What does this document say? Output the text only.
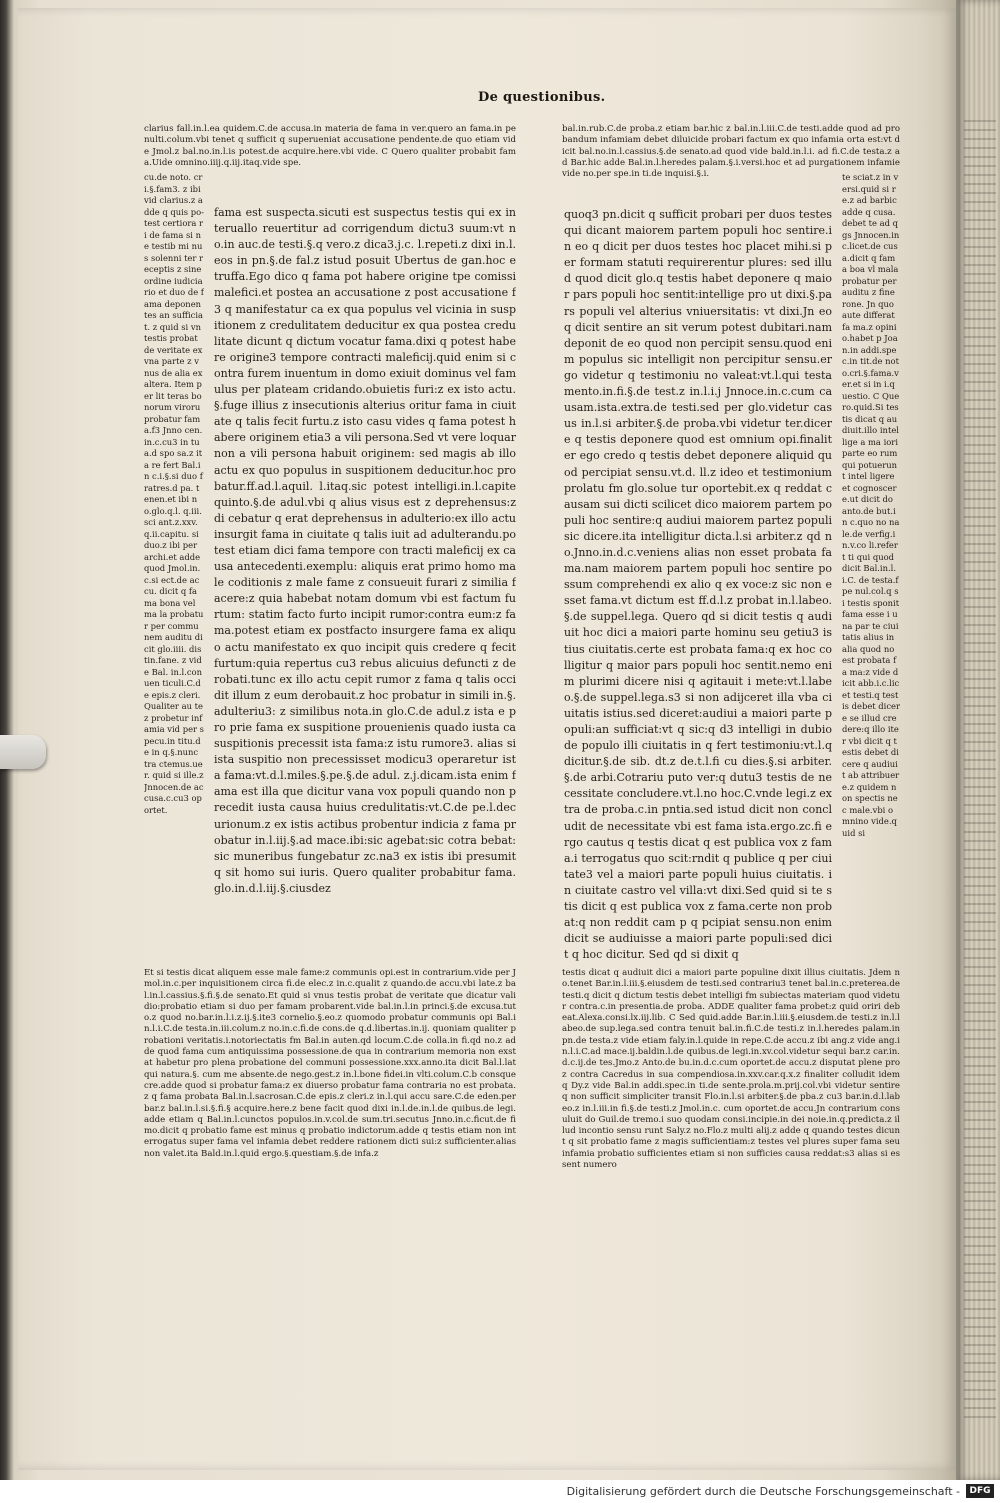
De questionibus.
clarius fall.in.l.ea quidem.C.de accusa.in materia de fama in ver.quero an fama.in penulti.colum.vbi tenet q sufficit q superueniat accusatione pendente.de quo etiam vide Jmol.z bal.no.in.l.is potest.de acquire.here.vbi vide. C Quero qualiter probabit fama.Uide omnino.iiij.q.iij.itaq.vide spe.
cu.de noto. cri.§.fam3. z ibi vid clarius.z adde q quis po- test certiora ri de fama si ne testib mi nus solenni ter receptis z sine ordine iudiciario et duo de fama deponentes an sufficiat. z quid si vn testis probat de veritate ex vna parte z vnus de alia ex altera. Item per lit teras bonorum viroru probatur fama.f3 Jnno cen.in.c.cu3 in tua.d spo sa.z ita re fert Bal.in c.i.§.si duo fratres.d pa. tenen.et ibi no.glo.q.l. q.iii.sci ant.z.xxv. q.ii.capitu. si duo.z ibi per archi.et adde quod Jmol.in.c.si ect.de accu. dicit q fama bona vel ma la probatur per commu nem auditu dicit glo.iiii. distin.fane. z vide Bal. in.l.conuen ticuli.C.de epis.z cleri. Qualiter au tez probetur infamia vid per specu.in titu.de in q.§.nunc tra ctemus.uer. quid si ille.z Jnnocen.de accusa.c.cu3 oportet.
fama est suspecta.sicuti est suspectus testis qui ex interuallo reuertitur ad corrigendum dictu3 suum:vt no.in auc.de testi.§.q vero.z dica3.j.c. l.repeti.z dixi in.l.eos in pn.§.de fal.z istud posuit Ubertus de gan.hoc e truffa.Ego dico q fama pot habere origine tpe comissi malefici.et postea an accusatione z post accusatione f3 q manifestatur ca ex qua populus vel vicinia in suspitionem z credulitatem deducitur ex qua postea credulitate dicunt q dictum vocatur fama.dixi q potest habere origine3 tempore contracti maleficij.quid enim si contra furem inuentum in domo exiuit dominus vel famulus per plateam cridando.obuietis furi:z ex isto actu.§.fuge illius z insecutionis alterius oritur fama in ciuitate q talis fecit furtu.z isto casu vides q fama potest habere originem etia3 a vili persona.Sed vt vere loquar non a vili persona habuit originem: sed magis ab illo actu ex quo populus in suspitionem deducitur.hoc probatur.ff.ad.l.aquil. l.itaq.sic potest intelligi.in.l.capite quinto.§.de adul.vbi q alius visus est z deprehensus:z di cebatur q erat deprehensus in adulterio:ex illo actu insurgit fama in ciuitate q talis iuit ad adulterandu.potest etiam dici fama tempore con tracti maleficij ex causa antecedenti.exemplu: aliquis erat primo homo male coditionis z male fame z consueuit furari z similia facere:z quia habebat notam domum vbi est factum furtum: statim facto furto incipit rumor:contra eum:z fama.potest etiam ex postfacto insurgere fama ex aliquo actu manifestato ex quo incipit quis credere q fecit furtum:quia repertus cu3 rebus alicuius defuncti z derobati.tunc ex illo actu cepit rumor z fama q talis occidit illum z eum derobauit.z hoc probatur in simili in.§.adulteriu3: z similibus nota.in glo.C.de adul.z ista e pro prie fama ex suspitione prouenienis quado iusta ca suspitionis precessit ista fama:z istu rumore3. alias si ista suspitio non precessisset modicu3 operaretur ista fama:vt.d.l.miles.§.pe.§.de adul. z.j.dicam.ista enim fama est illa que dicitur vana vox populi quando non precedit iusta causa huius credulitatis:vt.C.de pe.l.decurionum.z ex istis actibus probentur indicia z fama probatur in.l.iij.§.ad mace.ibi:sic agebat:sic cotra bebat:sic muneribus fungebatur zc.na3 ex istis ibi presumit q sit homo sui iuris. Quero qualiter probabitur fama. glo.in.d.l.iij.§.ciusdez
Et si testis dicat aliquem esse male fame:z communis opi.est in contrarium.vide per Jmol.in.c.per inquisitionem circa fi.de elec.z in.c.qualit z quando.de accu.vbi late.z bal.in.l.cassius.§.fi.§.de senato.Et quid si vnus testis probat de veritate que dicatur validio:probatio etiam si duo per famam probarent.vide bal.in.l.in princi.§.de excusa.tuto.z quod no.bar.in.l.i.z.ij.§.ite3 cornelio.§.eo.z quomodo probatur communis opi Bal.in.l.i.C.de testa.in.iii.colum.z no.in.c.fi.de cons.de q.d.libertas.in.ij. quoniam qualiter probationi veritatis.i.notoriectatis fm Bal.in auten.qd locum.C.de colla.in fi.qd no.z adde quod fama cum antiquissima possessione.de qua in contrarium memoria non exstat habetur pro plena probatione del communi possessione.xxx.anno.ita dicit Bal.l.lat qui natura.§. cum me absente.de nego.gest.z in.l.bone fidei.in vlti.colum.C.b consque cre.adde quod si probatur fama:z ex diuerso probatur fama contraria no est probata.z q fama probata Bal.in.l.sacrosan.C.de epis.z cleri.z in.l.qui accu sare.C.de eden.per bar.z bal.in.l.si.§.fi.§ acquire.here.z bene facit quod dixi in.l.de.in.l.de quibus.de legi.adde etiam q Bal.in.l.cunctos populos.in.v.col.de sum.tri.secutus Jnno.in.c.ficut.de fimo.dicit q probatio fame est minus q probatio indictorum.adde q testis etiam non interrogatus super fama vel infamia debet reddere rationem dicti sui:z sufficienter.alias non valet.ita Bald.in.l.quid ergo.§.questiam.§.de infa.z
bal.in.rub.C.de proba.z etiam bar.hic z bal.in.l.iii.C.de testi.adde quod ad probandum infamiam debet diluicide probari factum ex quo infamia orta est:vt dicit bal.no.in.l.cassius.§.de senato.ad quod vide bald.in.l.i. ad fi.C.de testa.z ad Bar.hic adde Bal.in.l.heredes palam.§.i.versi.hoc et ad purgationem infamie vide no.per spe.in ti.de inquisi.§.i.
quoq3 pn.dicit q sufficit probari per duos testes qui dicant maiorem partem populi hoc sentire.in eo q dicit per duos testes hoc placet mihi.si per formam statuti requirerentur plures: sed illud quod dicit glo.q testis habet deponere q maior pars populi hoc sentit:intellige pro ut dixi.§.pars populi vel alterius vniuersitatis: vt dixi.Jn eo q dicit sentire an sit verum potest dubitari.nam deponit de eo quod non percipit sensu.quod enim populus sic intelligit non percipitur sensu.ergo videtur q testimoniu no valeat:vt.l.qui testamento.in.fi.§.de test.z in.l.i.j Jnnoce.in.c.cum causam.ista.extra.de testi.sed per glo.videtur casus in.l.si arbiter.§.de proba.vbi videtur ter.dicere q testis deponere quod est omnium opi.finaliter ego credo q testis debet deponere aliquid quod percipiat sensu.vt.d. ll.z ideo et testimonium prolatu fm glo.solue tur oportebit.ex q reddat causam sui dicti scilicet dico maiorem partem populi hoc sentire:q audiui maiorem partez populi sic dicere.ita intelligitur dicta.l.si arbiter.z qd no.Jnno.in.d.c.veniens alias non esset probata fama.nam maiorem partem populi hoc sentire possum comprehendi ex alio q ex voce:z sic non esset fama.vt dictum est ff.d.l.z probat in.l.labeo.§.de suppel.lega. Quero qd si dicit testis q audiuit hoc dici a maiori parte hominu seu getiu3 istius ciuitatis.certe est probata fama:q ex hoc colligitur q maior pars populi hoc sentit.nemo enim plurimi dicere nisi q agitauit i mete:vt.l.labeo.§.de suppel.lega.s3 si non adijceret illa vba ciuitatis istius.sed diceret:audiui a maiori parte populi:an sufficiat:vt q sic:q d3 intelligi in dubio de populo illi ciuitatis in q fert testimoniu:vt.l.q dicitur.§.de sib. dt.z de.t.l.fi cu dies.§.si arbiter.§.de arbi.Cotrariu puto ver:q dutu3 testis de necessitate concludere.vt.l.no hoc.C.vnde legi.z extra de proba.c.in pntia.sed istud dicit non concludit de necessitate vbi est fama ista.ergo.zc.fi ergo cautus q testis dicat q est publica vox z fama.i terrogatus quo scit:rndit q publice q per ciuitate3 vel a maiori parte populi huius ciuitatis. in ciuitate castro vel villa:vt dixi.Sed quid si te stis dicit q est publica vox z fama.certe non probat:q non reddit cam p q pcipiat sensu.non enim dicit se audiuisse a maiori parte populi:sed dicit q hoc dicitur. Sed qd si dixit q
te sciat.z in versi.quid si re.z ad barbic adde q cusa.debet te ad q gs Jnnocen.in c.licet.de cusa.dicit q fama boa vl mala probatur per auditu z fine rone. Jn quo aute differat fa ma.z opinio.habet p Joan.in addi.spec.in tit.de noto.cri.§.fama.ver.et si in i.questio. C Quero.quid.Si testis dicat q audiuit.illo intellige a ma iori parte eo rum qui potuerunt intel ligere et cognoscere.ut dicit do anto.de but.in c.quo no nale.de verfig.in.v.co li.refert ti qui quod dicit Bal.in.l.i.C. de testa.f pe nul.col.q si testis sponit fama esse i una par te ciuitatis alius in alia quod no est probata fa ma:z vide dicit abb.i.c.licet testi.q testis debet dicere se illud cre dere:q illo iter vbi dicit q testis debet dicere q audiuit ab attribuere.z quidem non spectis nec male.vbi omnino vide.quid si
testis dicat q audiuit dici a maiori parte populine dixit illius ciuitatis. Jdem no.tenet Bar.in.l.iii.§.eiusdem de testi.sed contrariu3 tenet bal.in.c.preterea.de testi.q dicit q dictum testis debet intelligi fm subiectas materiam quod videtur contra.c.in presentia.de proba. ADDE qualiter fama probet:z quid oriri debeat.Alexa.consi.lx.iij.lib. C Sed quid.adde Bar.in.l.iii.§.eiusdem.de testi.z in.l.labeo.de sup.lega.sed contra tenuit bal.in.fi.C.de testi.z in.l.heredes palam.in pn.de testa.z vide etiam faly.in.l.quide in repe.C.de accu.z ibi ang.z vide ang.in.l.i.C.ad mace.ij.baldin.l.de quibus.de legi.in.xv.col.videtur sequi bar.z car.in.d.c.ij.de tes.Jmo.z Anto.de bu.in.d.c.cum oportet.de accu.z disputat plene pro z contra Cacredus in sua compendiosa.in.xxv.car.q.x.z finaliter colludit idem q Dy.z vide Bal.in addi.spec.in ti.de sente.prola.m.prij.col.vbi videtur sentire q non sufficit simpliciter transit Flo.in.l.si arbiter.§.de pba.z cu3 bar.in.d.l.labeo.z in.l.iii.in fi.§.de testi.z Jmol.in.c. cum oportet.de accu.Jn contrarium consuluit do Guil.de tremo.i suo quodam consi.incipie.in dei noie.in.q.predicta.z illud incontio sensu runt Saly.z no.Flo.z multi alij.z adde q quando testes dicunt q sit probatio fame z magis sufficientiam:z testes vel plures super fama seu infamia probatio sufficientes etiam si non sufficies causa reddat:s3 alias si essent numero
Digitalisierung gefördert durch die Deutsche Forschungsgemeinschaft -	DFG
